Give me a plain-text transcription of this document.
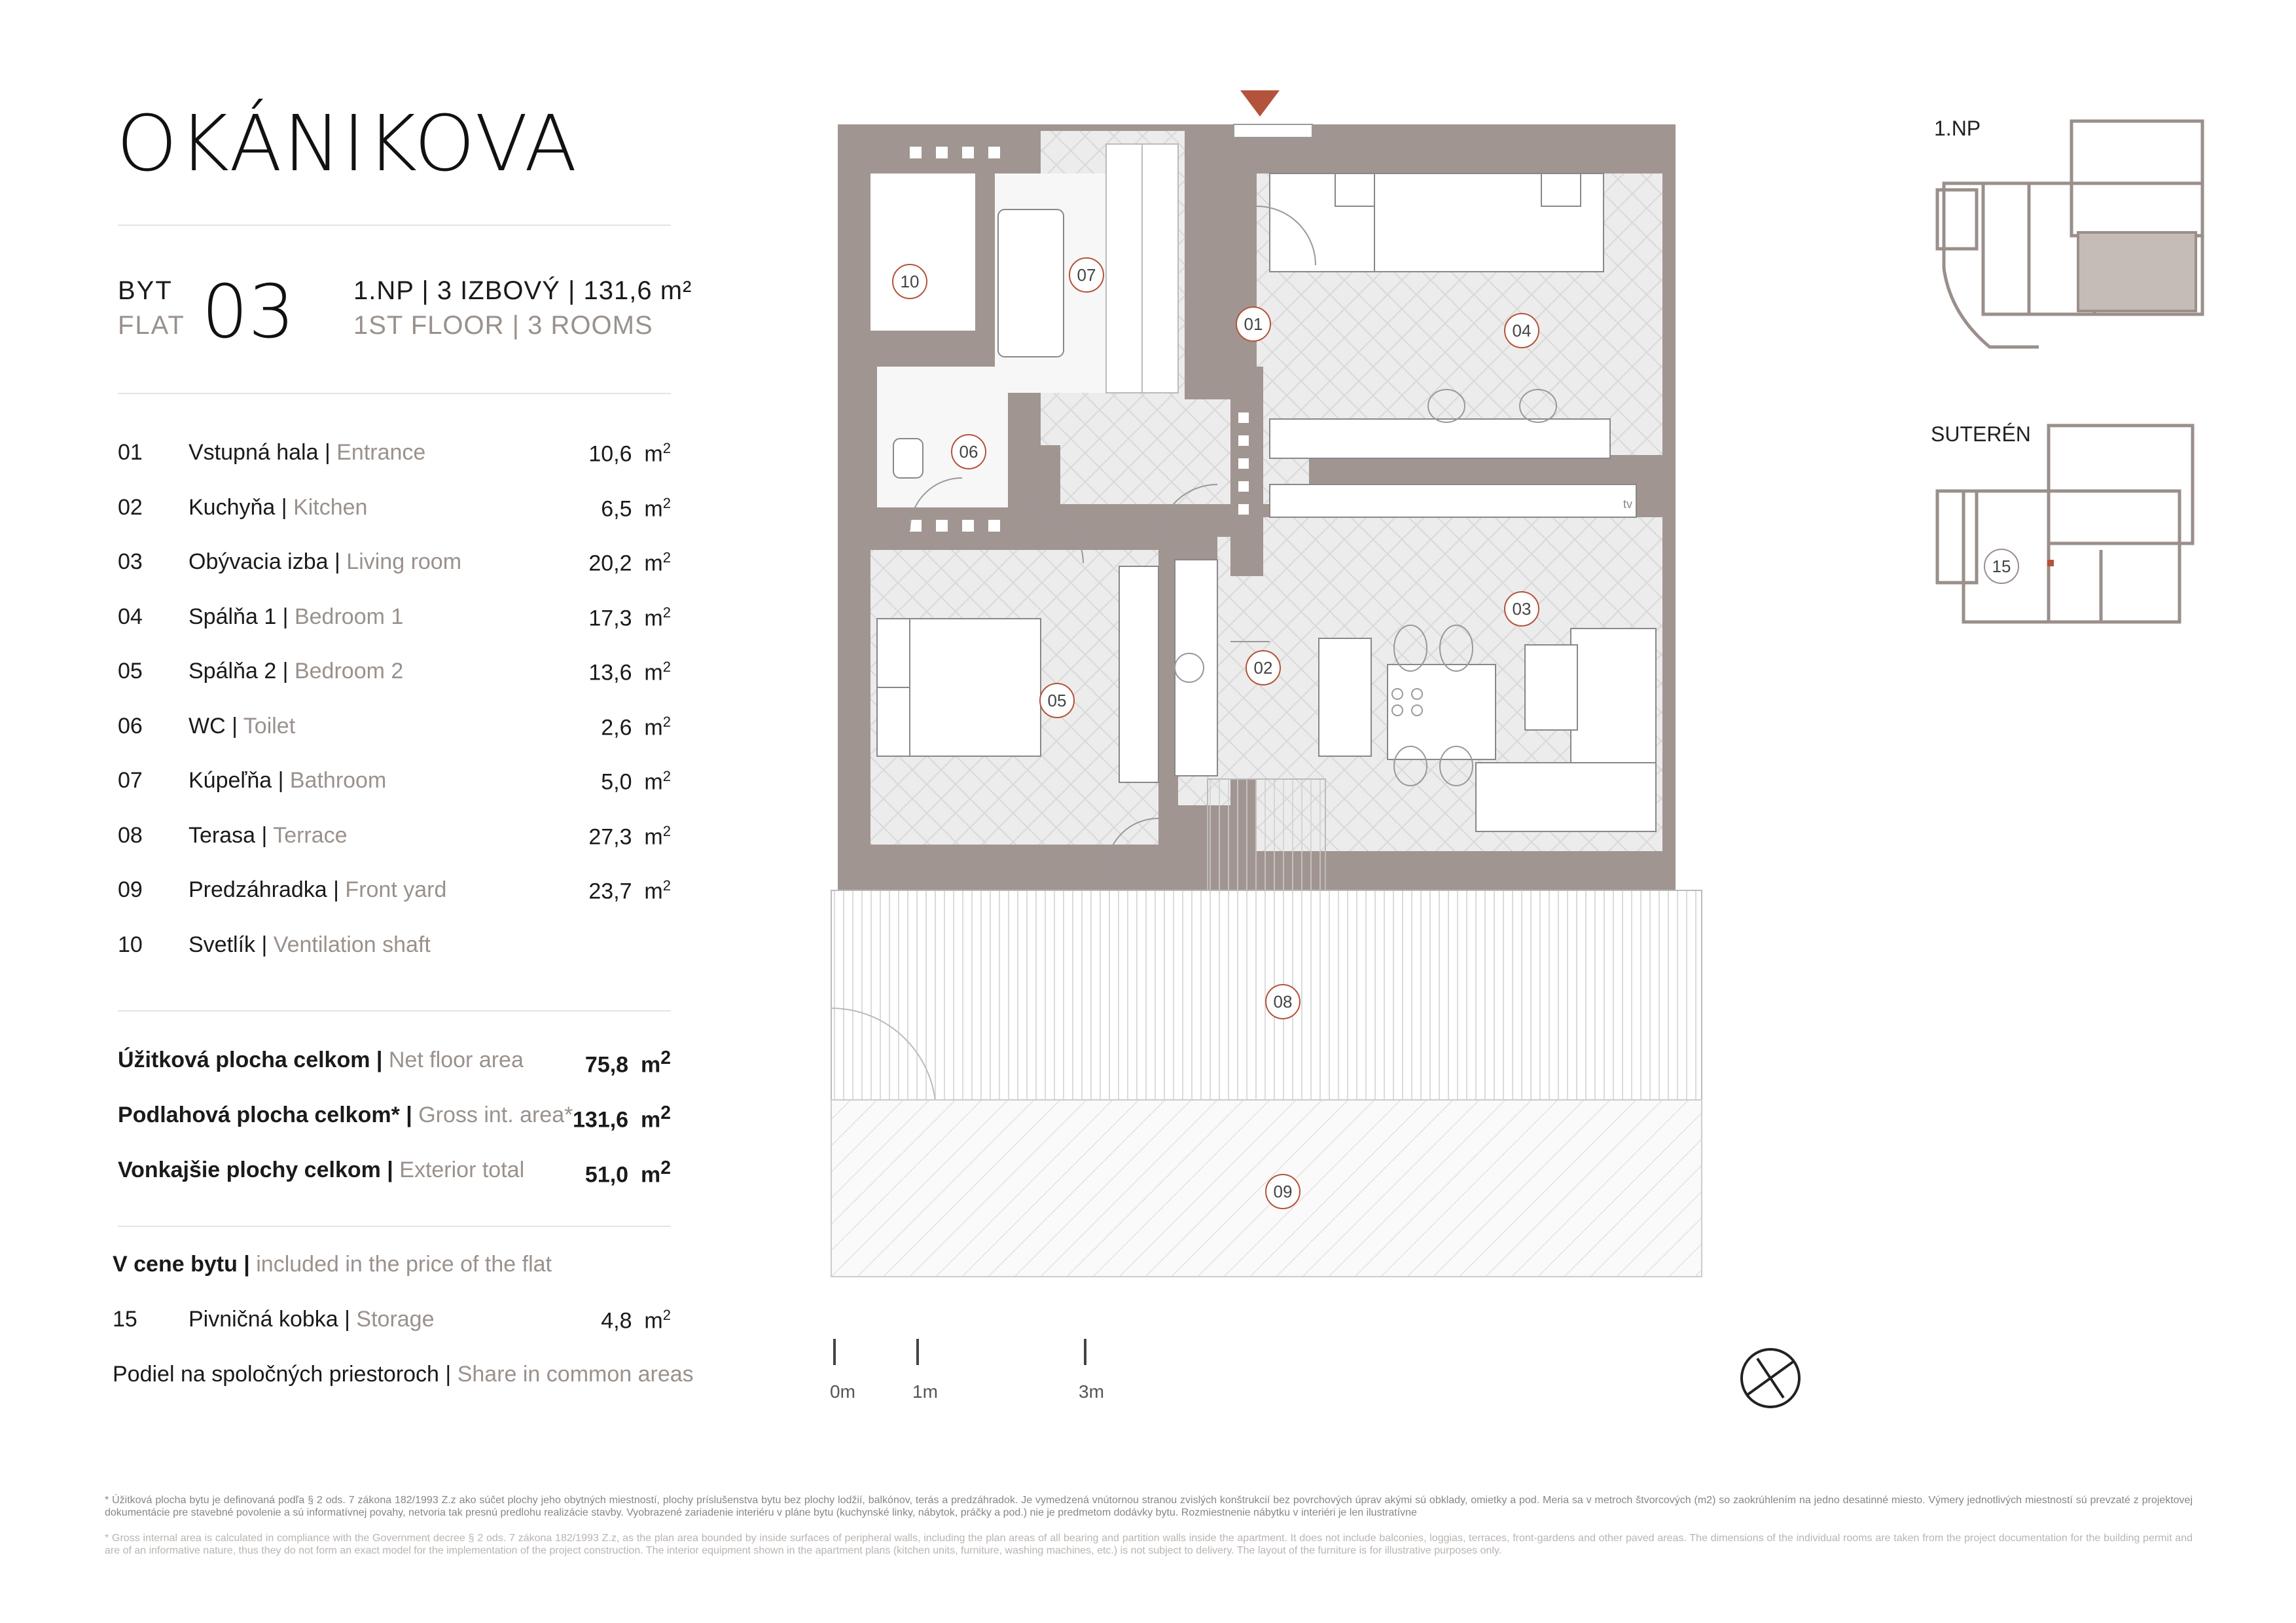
OKÁNIKOVA
BYT
FLAT 03 1.NP | 3 IZBOVÝ | 131,6 m²
1ST FLOOR | 3 ROOMS
01 Vstupná hala | Entrance	10,6 $m^2$
02 Kuchyňa | Kitchen	6,5 $m^2$
03 Obývacia izba | Living room	20,2 $m^2$
04 Spálňa 1 | Bedroom 1	17,3 $m^2$
05 Spálňa 2 | Bedroom 2	13,6 $m^2$
06 WC | Toilet	2,6 $m^2$
07 Kúpeľňa | Bathroom	5,0 $m^2$
08 Terasa | Terrace	27,3 $m^2$
09 Predzáhradka | Front yard	23,7 $m^2$
10 Svetlík | Ventilation shaft
Úžitková plocha celkom | Net floor area	75,8 $m^2$
Podlahová plocha celkom* | Gross int. area* 131,6 $m^2$
Vonkajšie plochy celkom | Exterior total	51,0 $m^2$
V cene bytu | included in the price of the flat
15 Pivničná kobka | Storage	4,8 $m^2$
Podiel na spoločných priestoroch | Share in common areas
tv
01
02
03
04
05
06
07
08
09
10
0m	1m	3m
1.NP
SUTERÉN
15
* Úžitková plocha bytu je definovaná podľa § 2 ods. 7 zákona 182/1993 Z.z ako súčet plochy jeho obytných miestností, plochy príslušenstva bytu bez plochy lodžií, balkónov, terás a predzáhradok. Je vymedzená vnútornou stranou zvislých konštrukcií bez povrchových úprav akými sú obklady, omietky a pod. Meria sa v metroch štvorcových (m2) so zaokrúhlením na jedno desatinné miesto. Výmery jednotlivých miestností sú prevzaté z projektovej dokumentácie pre stavebné povolenie a sú informatívnej povahy, netvoria tak presnú predlohu realizácie stavby. Vyobrazené zariadenie interiéru v pláne bytu (kuchynské linky, nábytok, práčky a pod.) nie je predmetom dodávky bytu. Rozmiestnenie nábytku v interiéri je len ilustratívne
* Gross internal area is calculated in compliance with the Government decree § 2 ods. 7 zákona 182/1993 Z.z, as the plan area bounded by inside surfaces of peripheral walls, including the plan areas of all bearing and partition walls inside the apartment. It does not include balconies, loggias, terraces, front-gardens and other paved areas. The dimensions of the individual rooms are taken from the project documentation for the building permit and are of an informative nature, thus they do not form an exact model for the implementation of the project construction. The interior equipment shown in the apartment plans (kitchen units, furniture, washing machines, etc.) is not subject to delivery. The layout of the furniture is for illustrative purposes only.
